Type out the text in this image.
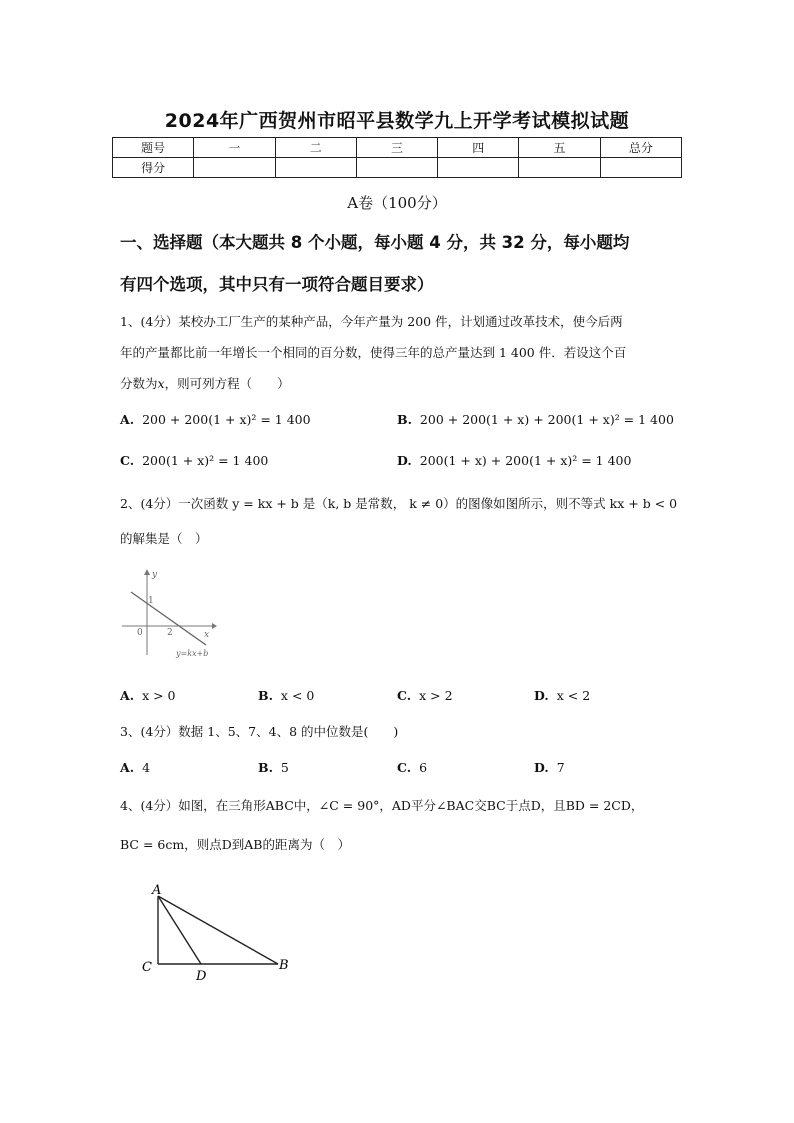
2024年广西贺州市昭平县数学九上开学考试模拟试题
题号	一	二	三	四	五	总分
得分						
A卷（100分）
一、选择题（本大题共 8 个小题，每小题 4 分，共 32 分，每小题均
有四个选项，其中只有一项符合题目要求）
1、(4分）某校办工厂生产的某种产品，今年产量为 200 件，计划通过改革技术，使今后两
年的产量都比前一年增长一个相同的百分数，使得三年的总产量达到 1 400 件．若设这个百
分数为x，则可列方程（　　）
A. 200 + 200(1 + x)² = 1 400	B. 200 + 200(1 + x) + 200(1 + x)² = 1 400
C. 200(1 + x)² = 1 400	D. 200(1 + x) + 200(1 + x)² = 1 400
2、(4分）一次函数 y = kx + b 是（k, b 是常数， k ≠ 0）的图像如图所示，则不等式 kx + b < 0
的解集是（　）
y
x
0
1
2
y=kx+b
A. x > 0	B. x < 0	C. x > 2	D. x < 2
3、(4分）数据 1、5、7、4、8 的中位数是(　　)
A. 4	B. 5	C. 6	D. 7
4、(4分）如图，在三角形ABC中，∠C = 90°，AD平分∠BAC交BC于点D，且BD = 2CD，
BC = 6cm，则点D到AB的距离为（　）
A
C
D
B
